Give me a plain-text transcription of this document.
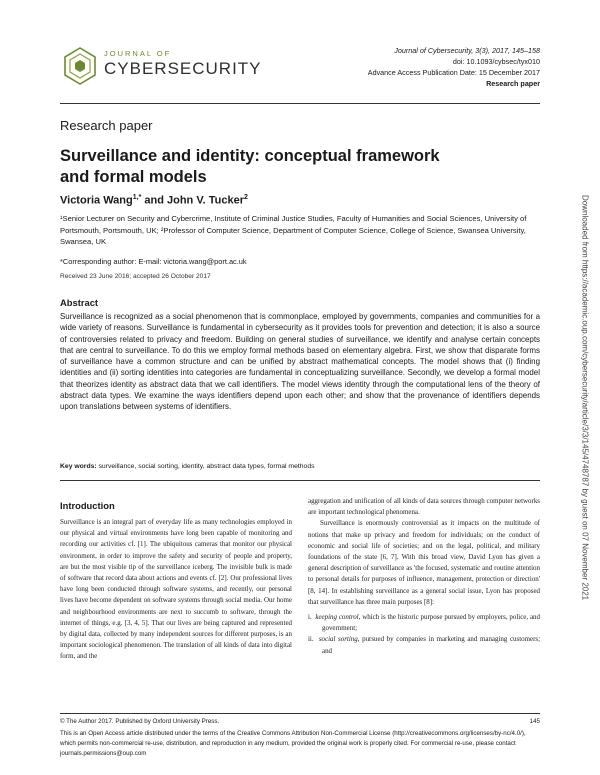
JOURNAL OF
CYBERSECURITY
Journal of Cybersecurity, 3(3), 2017, 145–158
doi: 10.1093/cybsec/tyx010
Advance Access Publication Date: 15 December 2017
Research paper
Research paper
Surveillance and identity: conceptual framework and formal models
Victoria Wang$^{1,*}$ and John V. Tucker$^2$
¹Senior Lecturer on Security and Cybercrime, Institute of Criminal Justice Studies, Faculty of Humanities and Social Sciences, University of Portsmouth, Portsmouth, UK; ²Professor of Computer Science, Department of Computer Science, College of Science, Swansea University, Swansea, UK
*Corresponding author: E-mail: victoria.wang@port.ac.uk
Received 23 June 2016; accepted 26 October 2017
Abstract
Surveillance is recognized as a social phenomenon that is commonplace, employed by governments, companies and communities for a wide variety of reasons. Surveillance is fundamental in cybersecurity as it provides tools for prevention and detection; it is also a source of controversies related to privacy and freedom. Building on general studies of surveillance, we identify and analyse certain concepts that are central to surveillance. To do this we employ formal methods based on elementary algebra. First, we show that disparate forms of surveillance have a common structure and can be unified by abstract mathematical concepts. The model shows that (i) finding identities and (ii) sorting identities into categories are fundamental in conceptualizing surveillance. Secondly, we develop a formal model that theorizes identity as abstract data that we call identifiers. The model views identity through the computational lens of the theory of abstract data types. We examine the ways identifiers depend upon each other; and show that the provenance of identifiers depends upon translations between systems of identifiers.
Key words: surveillance, social sorting, identity, abstract data types, formal methods
Introduction
Surveillance is an integral part of everyday life as many technologies employed in our physical and virtual environments have long been capable of monitoring and recording our activities cf. [1]. The ubiquitous cameras that monitor our physical environment, in order to improve the safety and security of people and property, are but the most visible tip of the surveillance iceberg. The invisible bulk is made of software that record data about actions and events cf. [2]. Our professional lives have long been conducted through software systems, and recently, our personal lives have become dependent on software systems through social media. Our home and neighbourhood environments are next to succumb to software, through the internet of things, e.g. [3, 4, 5]. That our lives are being captured and represented by digital data, collected by many independent sources for different purposes, is an important sociological phenomenon. The translation of all kinds of data into digital form, and the

aggregation and unification of all kinds of data sources through computer networks are important technological phenomena.

Surveillance is enormously controversial as it impacts on the multitude of notions that make up privacy and freedom for individuals; on the conduct of economic and social life of societies; and on the legal, political, and military foundations of the state [6, 7]. With this broad view, David Lyon has given a general description of surveillance as 'the focused, systematic and routine attention to personal details for purposes of influence, management, protection or direction' [8, 14]. In establishing surveillance as a general social issue, Lyon has proposed that surveillance has three main purposes [8]:

i. keeping control, which is the historic purpose pursued by employers, police, and government;

ii. social sorting, pursued by companies in marketing and managing customers; and

© The Author 2017. Published by Oxford University Press.	145
This is an Open Access article distributed under the terms of the Creative Commons Attribution Non-Commercial License (http://creativecommons.org/licenses/by-nc/4.0/), which permits non-commercial re-use, distribution, and reproduction in any medium, provided the original work is properly cited. For commercial re-use, please contact journals.permissions@oup.com
Downloaded from https://academic.oup.com/cybersecurity/article/3/3/145/4748787 by guest on 07 November 2021
